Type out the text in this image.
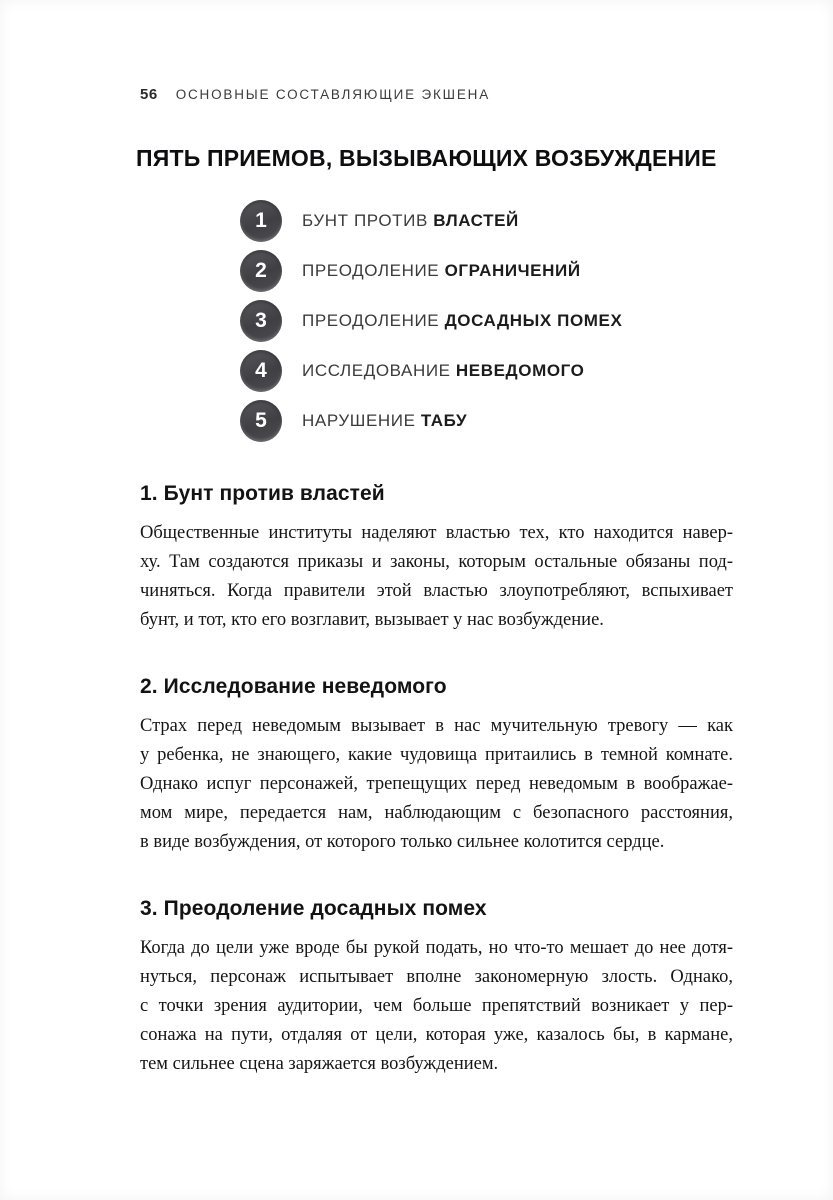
56 ОСНОВНЫЕ СОСТАВЛЯЮЩИЕ ЭКШЕНА
ПЯТЬ ПРИЕМОВ, ВЫЗЫВАЮЩИХ ВОЗБУЖДЕНИЕ
1 БУНТ ПРОТИВ ВЛАСТЕЙ
2 ПРЕОДОЛЕНИЕ ОГРАНИЧЕНИЙ
3 ПРЕОДОЛЕНИЕ ДОСАДНЫХ ПОМЕХ
4 ИССЛЕДОВАНИЕ НЕВЕДОМОГО
5 НАРУШЕНИЕ ТАБУ
1. Бунт против властей
Общественные институты наделяют властью тех, кто находится навер-
ху. Там создаются приказы и законы, которым остальные обязаны под-
чиняться. Когда правители этой властью злоупотребляют, вспыхивает
бунт, и тот, кто его возглавит, вызывает у нас возбуждение.
2. Исследование неведомого
Страх перед неведомым вызывает в нас мучительную тревогу — как
у ребенка, не знающего, какие чудовища притаились в темной комнате.
Однако испуг персонажей, трепещущих перед неведомым в воображае-
мом мире, передается нам, наблюдающим с безопасного расстояния,
в виде возбуждения, от которого только сильнее колотится сердце.
3. Преодоление досадных помех
Когда до цели уже вроде бы рукой подать, но что-то мешает до нее дотя-
нуться, персонаж испытывает вполне закономерную злость. Однако,
с точки зрения аудитории, чем больше препятствий возникает у пер-
сонажа на пути, отдаляя от цели, которая уже, казалось бы, в кармане,
тем сильнее сцена заряжается возбуждением.
